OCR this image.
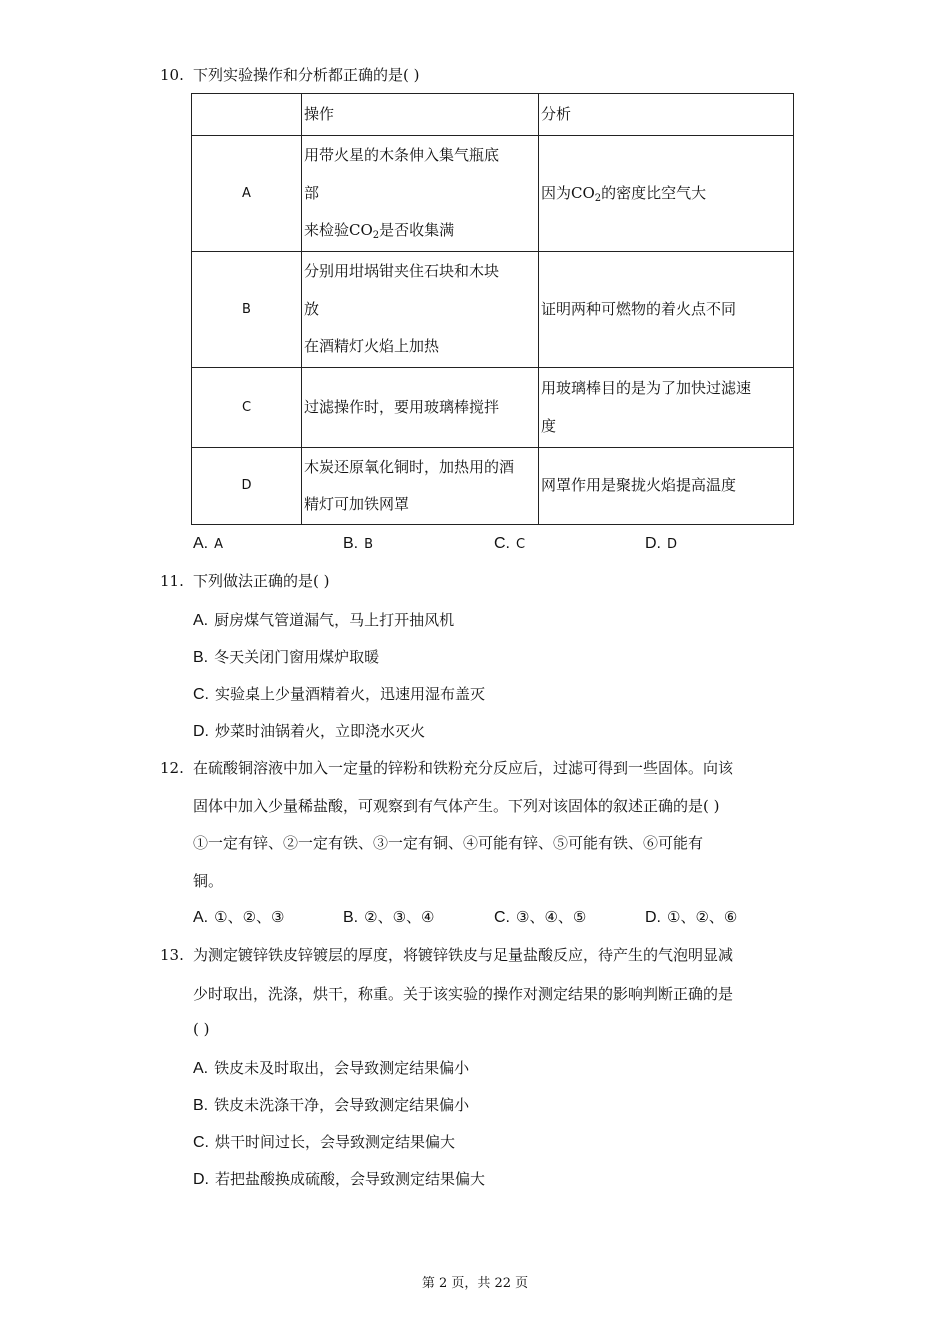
10. 下列实验操作和分析都正确的是( )
	操作	分析
A	用带火星的木条伸入集气瓶底
部
来检验$CO_2$是否收集满	因为$CO_2$的密度比空气大
B	分别用坩埚钳夹住石块和木块
放
在酒精灯火焰上加热	证明两种可燃物的着火点不同
C	过滤操作时，要用玻璃棒搅拌	用玻璃棒目的是为了加快过滤速
度

D	木炭还原氧化铜时，加热用的酒
精灯可加铁网罩	网罩作用是聚拢火焰提高温度
A. A	B. B	C. C	D. D
11. 下列做法正确的是( )
A. 厨房煤气管道漏气，马上打开抽风机
B. 冬天关闭门窗用煤炉取暖
C. 实验桌上少量酒精着火，迅速用湿布盖灭
D. 炒菜时油锅着火，立即浇水灭火
12. 在硫酸铜溶液中加入一定量的锌粉和铁粉充分反应后，过滤可得到一些固体。向该
固体中加入少量稀盐酸，可观察到有气体产生。下列对该固体的叙述正确的是( )
①一定有锌、②一定有铁、③一定有铜、④可能有锌、⑤可能有铁、⑥可能有
铜。
A. ①、②、③	B. ②、③、④	C. ③、④、⑤	D. ①、②、⑥
13. 为测定镀锌铁皮锌镀层的厚度，将镀锌铁皮与足量盐酸反应，待产生的气泡明显减
少时取出，洗涤，烘干，称重。关于该实验的操作对测定结果的影响判断正确的是
( )
A. 铁皮未及时取出，会导致测定结果偏小
B. 铁皮未洗涤干净，会导致测定结果偏小
C. 烘干时间过长，会导致测定结果偏大
D. 若把盐酸换成硫酸，会导致测定结果偏大
第 2 页，共 22 页
